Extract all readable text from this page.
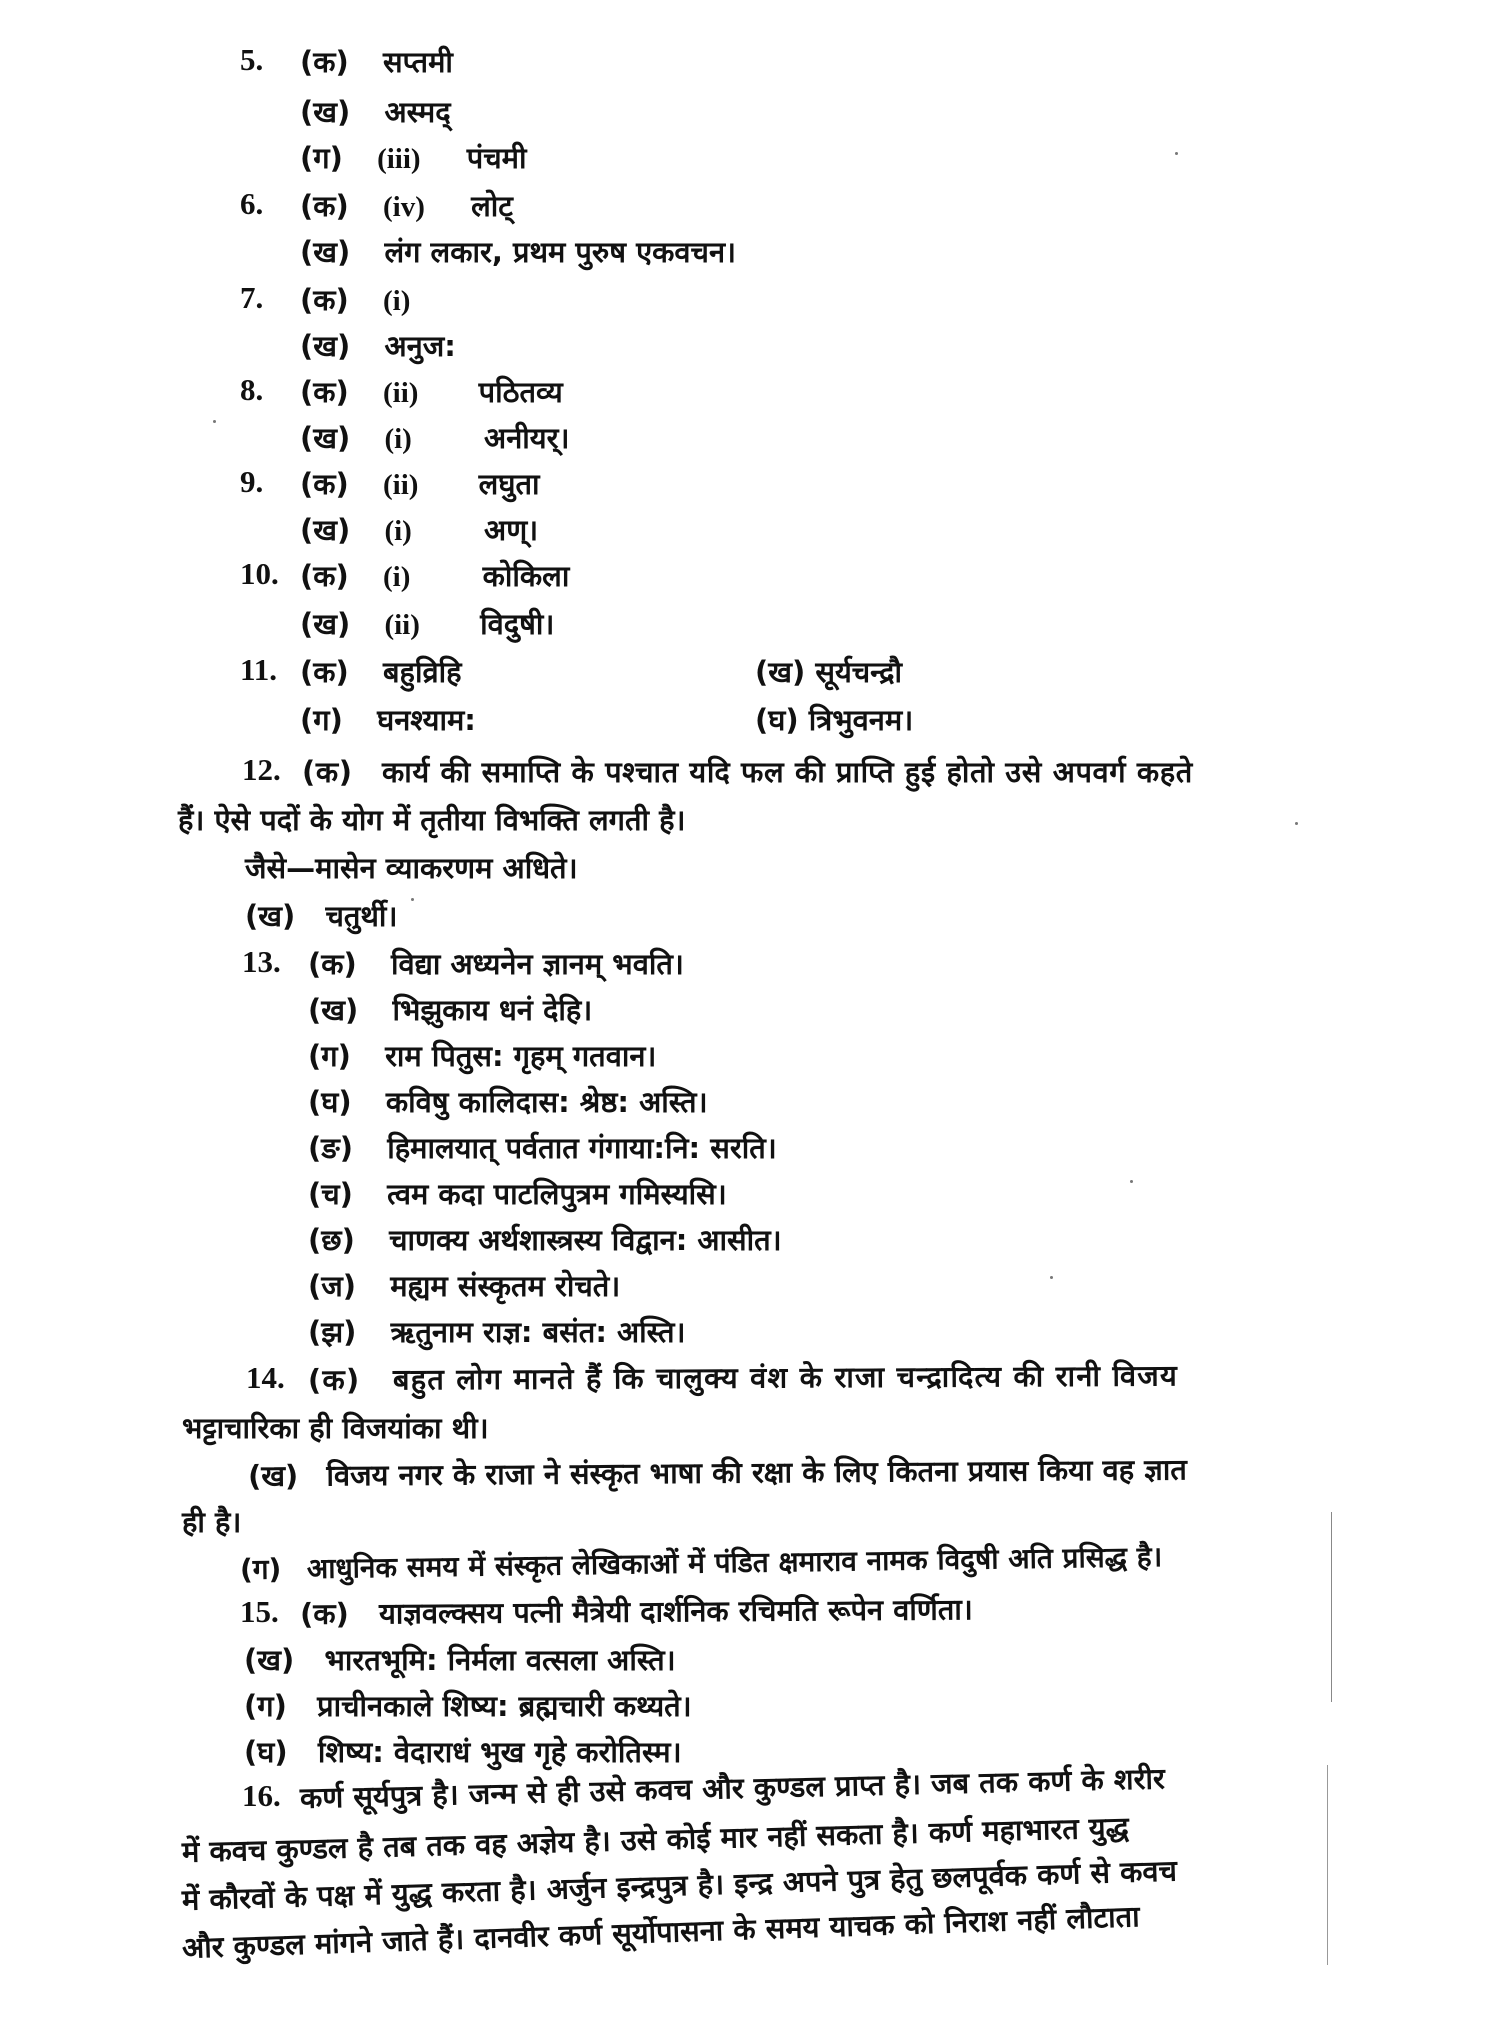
5. (क) सप्तमी
(ख) अस्मद्
(ग) (iii) पंचमी
6. (क) (iv) लोट्
(ख) लंग लकार, प्रथम पुरुष एकवचन।
7. (क) (i)
(ख) अनुज:
8. (क) (ii) पठितव्य
(ख) (i) अनीयर्।
9. (क) (ii) लघुता
(ख) (i) अण्।
10. (क) (i) कोकिला
(ख) (ii) विदुषी।
11. (क) बहुव्रिहि	(ख) सूर्यचन्द्रौ
(ग) घनश्याम:	(घ) त्रिभुवनम।
12. (क) कार्य की समाप्ति के पश्चात यदि फल की प्राप्ति हुई होतो उसे अपवर्ग कहते
हैं। ऐसे पदों के योग में तृतीया विभक्ति लगती है।
जैसे—मासेन व्याकरणम अधिते।
(ख) चतुर्थी।
13. (क) विद्या अध्यनेन ज्ञानम् भवति।
(ख) भिझुकाय धनं देहि।
(ग) राम पितुस: गृहम् गतवान।
(घ) कविषु कालिदास: श्रेष्ठ: अस्ति।
(ङ) हिमालयात् पर्वतात गंगाया:नि: सरति।
(च) त्वम कदा पाटलिपुत्रम गमिस्यसि।
(छ) चाणक्य अर्थशास्त्रस्य विद्वान: आसीत।
(ज) मह्यम संस्कृतम रोचते।
(झ) ऋतुनाम राज्ञ: बसंत: अस्ति।
14. (क) बहुत लोग मानते हैं कि चालुक्य वंश के राजा चन्द्रादित्य की रानी विजय
भट्टाचारिका ही विजयांका थी।
(ख) विजय नगर के राजा ने संस्कृत भाषा की रक्षा के लिए कितना प्रयास किया वह ज्ञात
ही है।
(ग) आधुनिक समय में संस्कृत लेखिकाओं में पंडित क्षमाराव नामक विदुषी अति प्रसिद्ध है।
15. (क) याज्ञवल्क्सय पत्नी मैत्रेयी दार्शनिक रचिमति रूपेन वर्णिता।
(ख) भारतभूमि: निर्मला वत्सला अस्ति।
(ग) प्राचीनकाले शिष्य: ब्रह्मचारी कथ्यते।
(घ) शिष्य: वेदाराधं भुख गृहे करोतिस्म।
16. कर्ण सूर्यपुत्र है। जन्म से ही उसे कवच और कुण्डल प्राप्त है। जब तक कर्ण के शरीर
में कवच कुण्डल है तब तक वह अज्ञेय है। उसे कोई मार नहीं सकता है। कर्ण महाभारत युद्ध
में कौरवों के पक्ष में युद्ध करता है। अर्जुन इन्द्रपुत्र है। इन्द्र अपने पुत्र हेतु छलपूर्वक कर्ण से कवच
और कुण्डल मांगने जाते हैं। दानवीर कर्ण सूर्योपासना के समय याचक को निराश नहीं लौटाता
